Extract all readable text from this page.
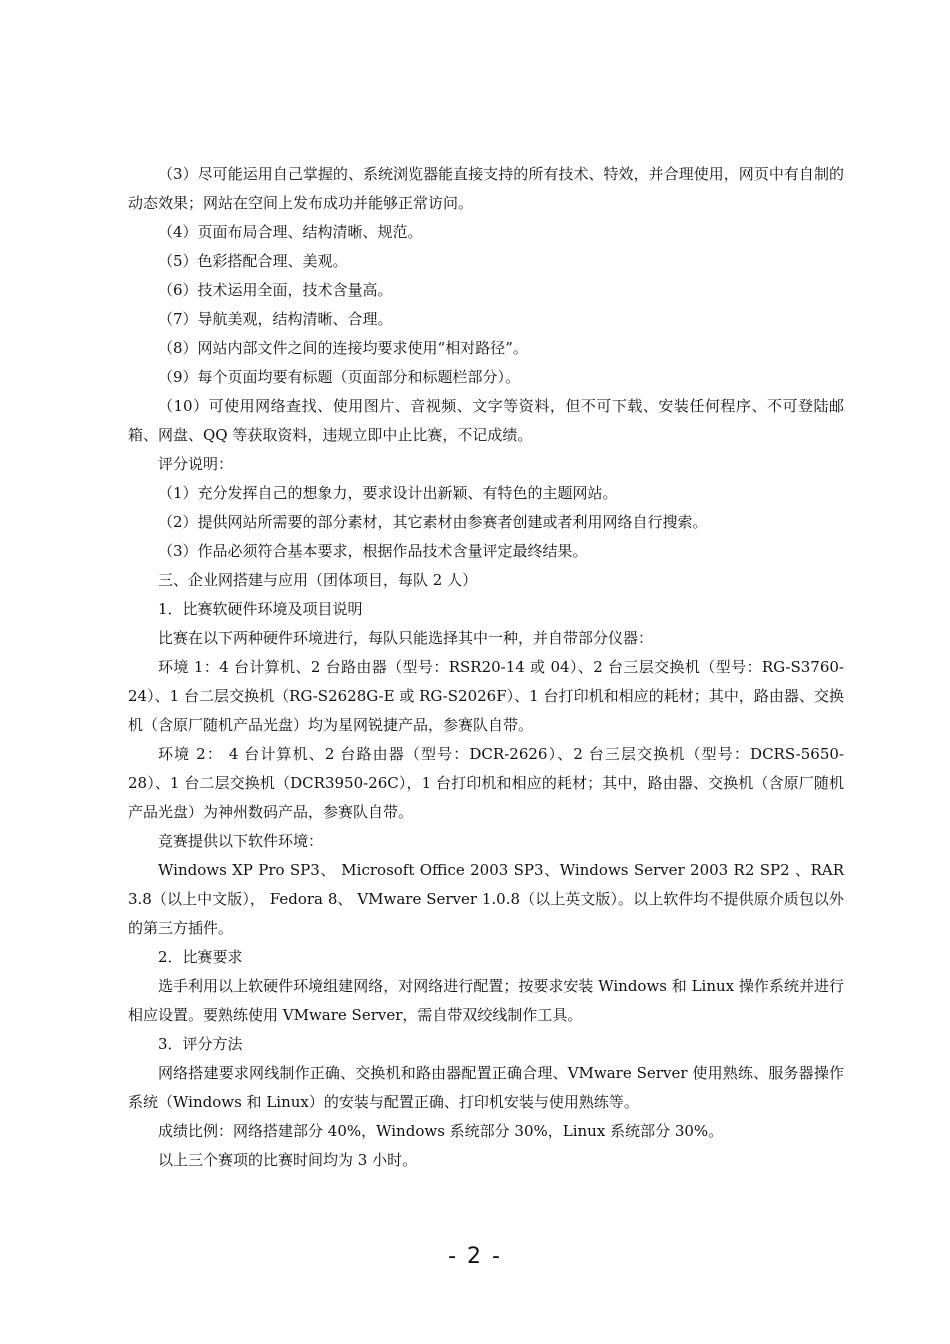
（3）尽可能运用自己掌握的、系统浏览器能直接支持的所有技术、特效，并合理使用，网页中有自制的动态效果；网站在空间上发布成功并能够正常访问。

（4）页面布局合理、结构清晰、规范。

（5）色彩搭配合理、美观。

（6）技术运用全面，技术含量高。

（7）导航美观，结构清晰、合理。

（8）网站内部文件之间的连接均要求使用“相对路径”。

（9）每个页面均要有标题（页面部分和标题栏部分）。

（10）可使用网络查找、使用图片、音视频、文字等资料，但不可下载、安装任何程序、不可登陆邮箱、网盘、QQ 等获取资料，违规立即中止比赛，不记成绩。

评分说明：

（1）充分发挥自己的想象力，要求设计出新颖、有特色的主题网站。

（2）提供网站所需要的部分素材，其它素材由参赛者创建或者利用网络自行搜索。

（3）作品必须符合基本要求，根据作品技术含量评定最终结果。

三、企业网搭建与应用（团体项目，每队 2 人）

1．比赛软硬件环境及项目说明

比赛在以下两种硬件环境进行，每队只能选择其中一种，并自带部分仪器：

环境 1：4 台计算机、2 台路由器（型号：RSR20-14 或 04）、2 台三层交换机（型号：RG-S3760-24）、1 台二层交换机（RG-S2628G-E 或 RG-S2026F）、1 台打印机和相应的耗材；其中，路由器、交换机（含原厂随机产品光盘）均为星网锐捷产品，参赛队自带。

环境 2： 4 台计算机、2 台路由器（型号：DCR-2626）、2 台三层交换机（型号：DCRS-5650-28）、1 台二层交换机（DCR3950-26C），1 台打印机和相应的耗材；其中，路由器、交换机（含原厂随机产品光盘）为神州数码产品，参赛队自带。

竞赛提供以下软件环境：

Windows XP Pro SP3、 Microsoft Office 2003 SP3、Windows Server 2003 R2 SP2 、RAR 3.8（以上中文版）， Fedora 8、 VMware Server 1.0.8（以上英文版）。以上软件均不提供原介质包以外的第三方插件。

2．比赛要求

选手利用以上软硬件环境组建网络，对网络进行配置；按要求安装 Windows 和 Linux 操作系统并进行相应设置。要熟练使用 VMware Server，需自带双绞线制作工具。

3．评分方法

网络搭建要求网线制作正确、交换机和路由器配置正确合理、VMware Server 使用熟练、服务器操作系统（Windows 和 Linux）的安装与配置正确、打印机安装与使用熟练等。

成绩比例：网络搭建部分 40%，Windows 系统部分 30%，Linux 系统部分 30%。

以上三个赛项的比赛时间均为 3 小时。

- 2 -
